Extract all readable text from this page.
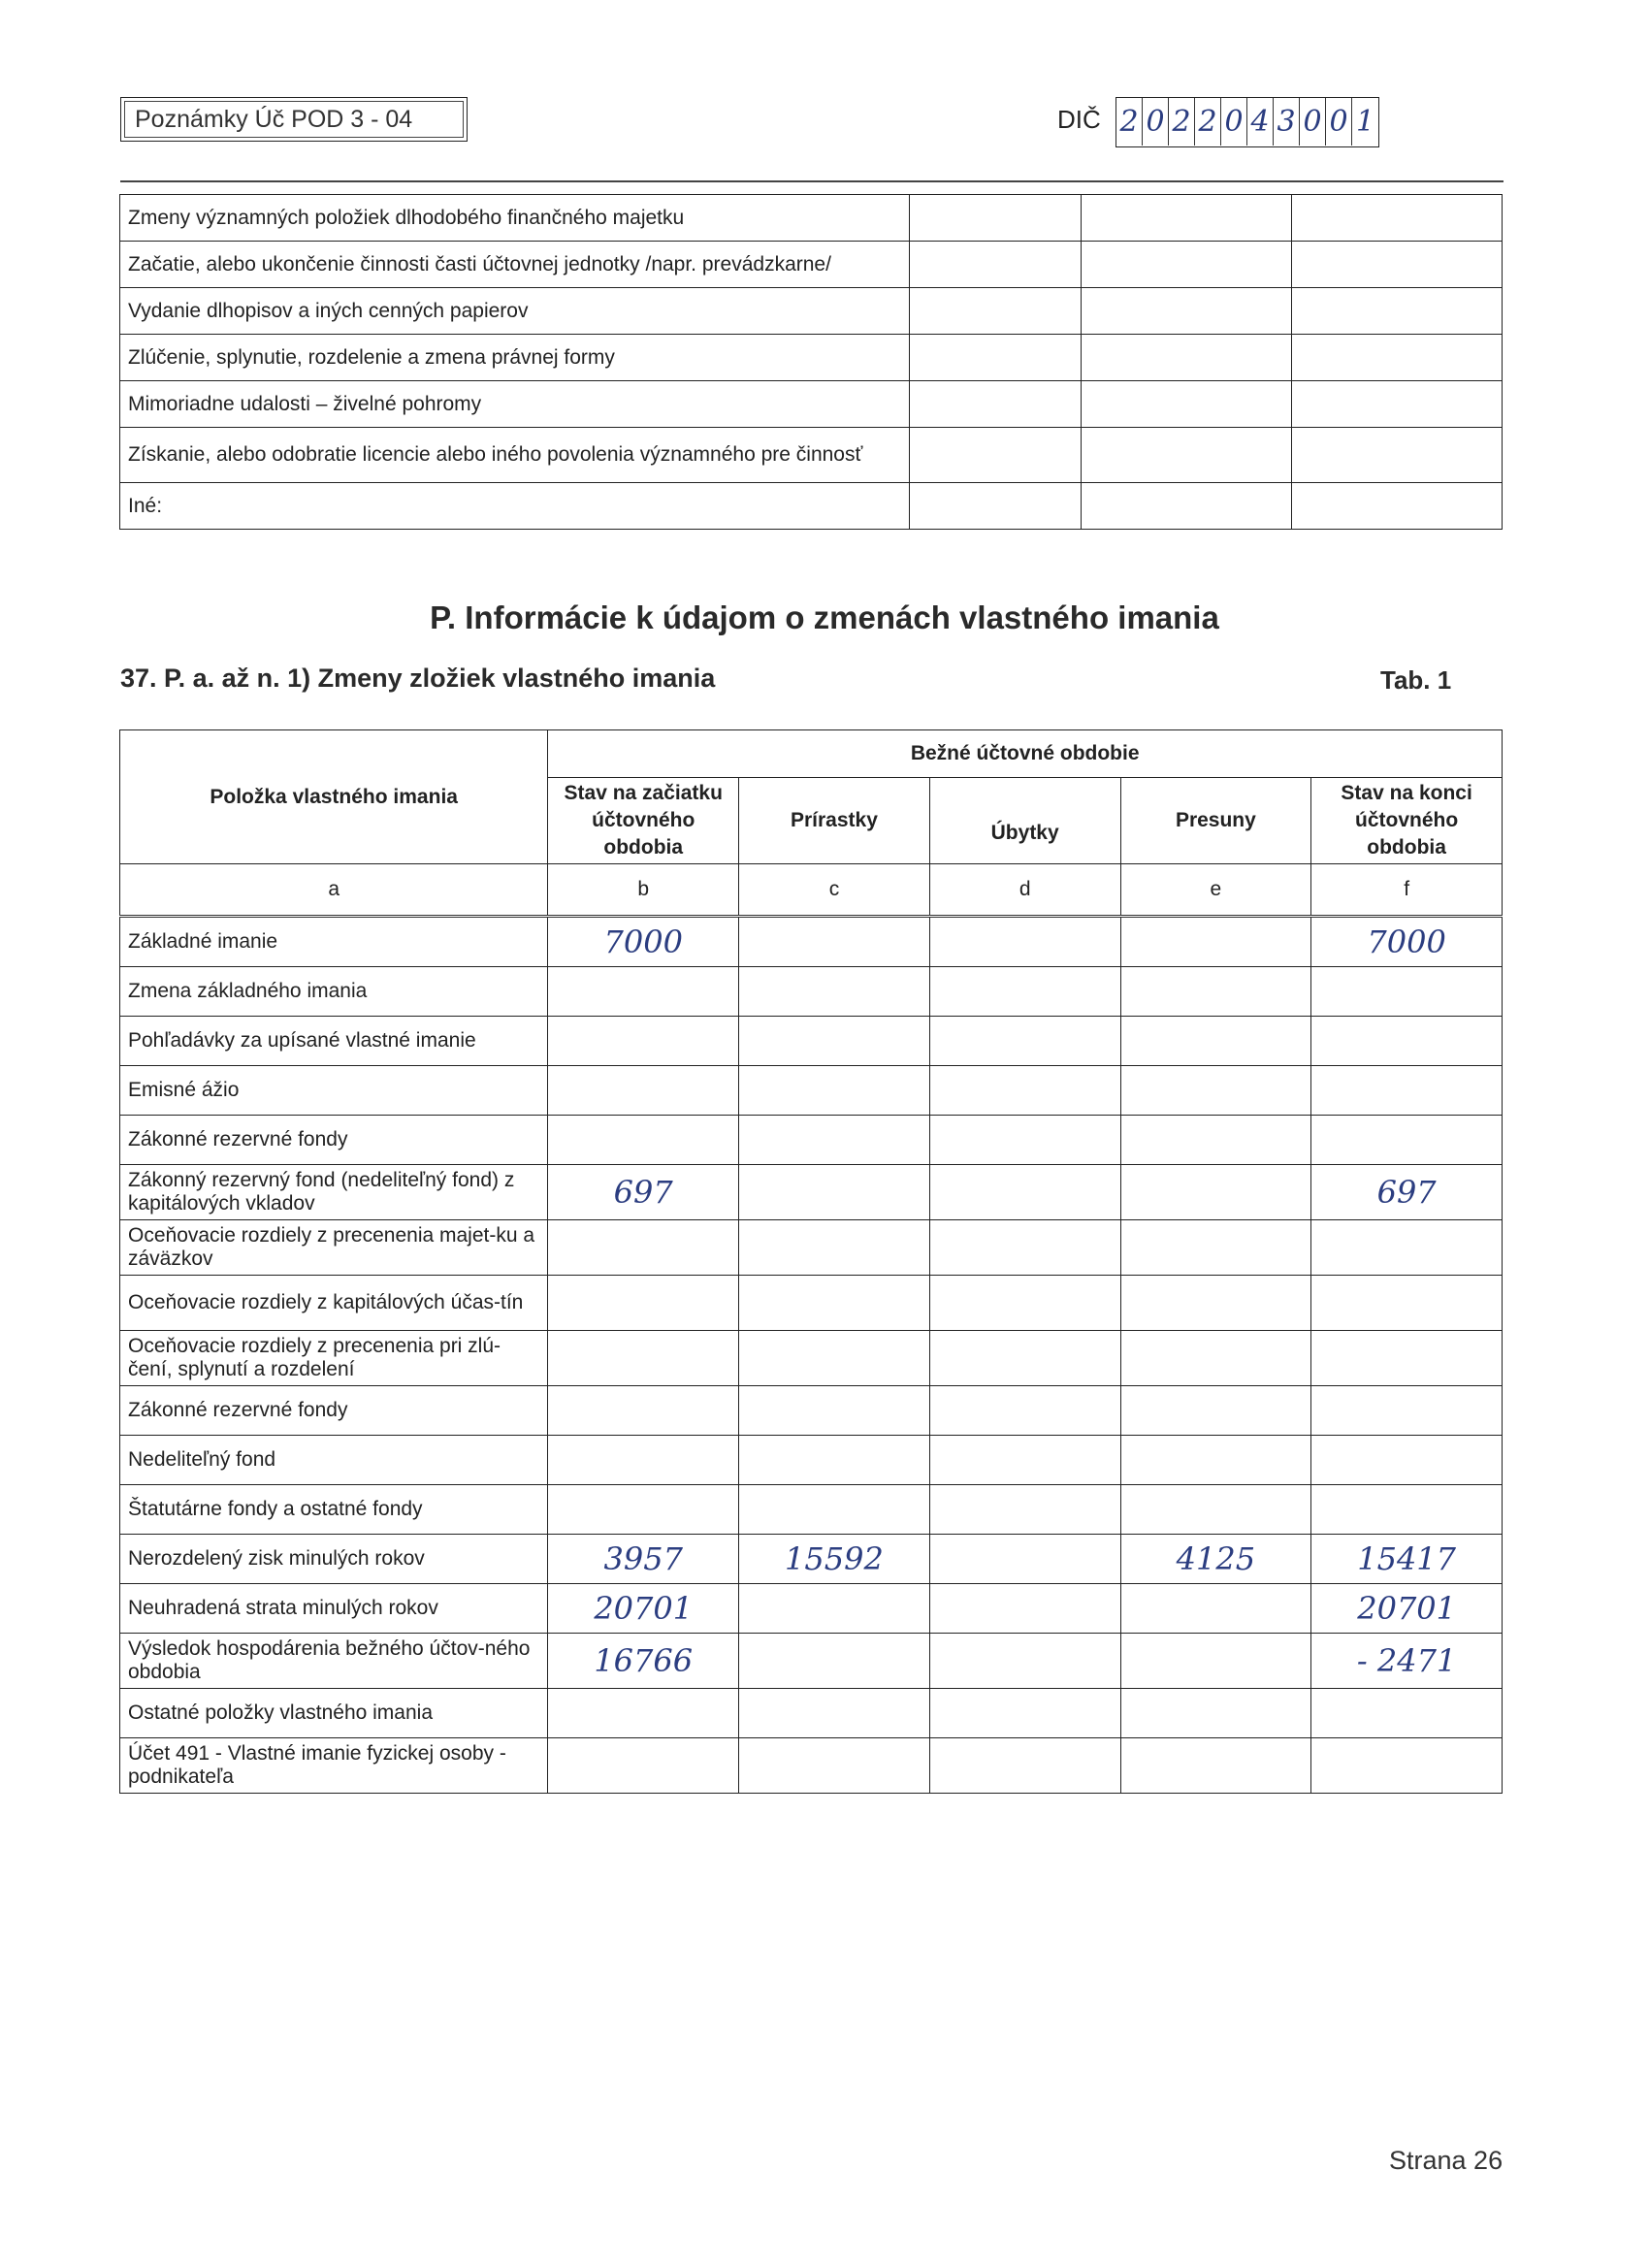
Poznámky Úč POD 3 - 04	DIČ 2 0 2 2 0 4 3 0 0 1
Zmeny významných položiek dlhodobého finančného majetku			
Začatie, alebo ukončenie činnosti časti účtovnej jednotky /napr. prevádzkarne/			
Vydanie dlhopisov a iných cenných papierov			
Zlúčenie, splynutie, rozdelenie a zmena právnej formy			
Mimoriadne udalosti – živelné pohromy			
Získanie, alebo odobratie licencie alebo iného povolenia významného pre činnosť			
Iné:			
P. Informácie k údajom o zmenách vlastného imania
37. P. a. až n. 1) Zmeny zložiek vlastného imania	Tab. 1
Položka vlastného imania	Bežné účtovné obdobie				
	Stav na začiatku účtovného obdobia	Prírastky	Úbytky	Presuny	Stav na konci účtovného obdobia
a	b	c	d	e	f
Základné imanie	7000				7000
Zmena základného imania					
Pohľadávky za upísané vlastné imanie					
Emisné ážio					
Zákonné rezervné fondy					
Zákonný rezervný fond (nedeliteľný fond) z kapitálových vkladov	697				697
Oceňovacie rozdiely z precenenia majet-ku a záväzkov					
Oceňovacie rozdiely z kapitálových účas-tín					
Oceňovacie rozdiely z precenenia pri zlú-čení, splynutí a rozdelení					
Zákonné rezervné fondy					
Nedeliteľný fond					
Štatutárne fondy a ostatné fondy					
Nerozdelený zisk minulých rokov	3957	15592		4125	15417
Neuhradená strata minulých rokov	20701				20701
Výsledok hospodárenia bežného účtov-ného obdobia	16766				- 2471
Ostatné položky vlastného imania					
Účet 491 - Vlastné imanie fyzickej osoby - podnikateľa					
Strana 26
